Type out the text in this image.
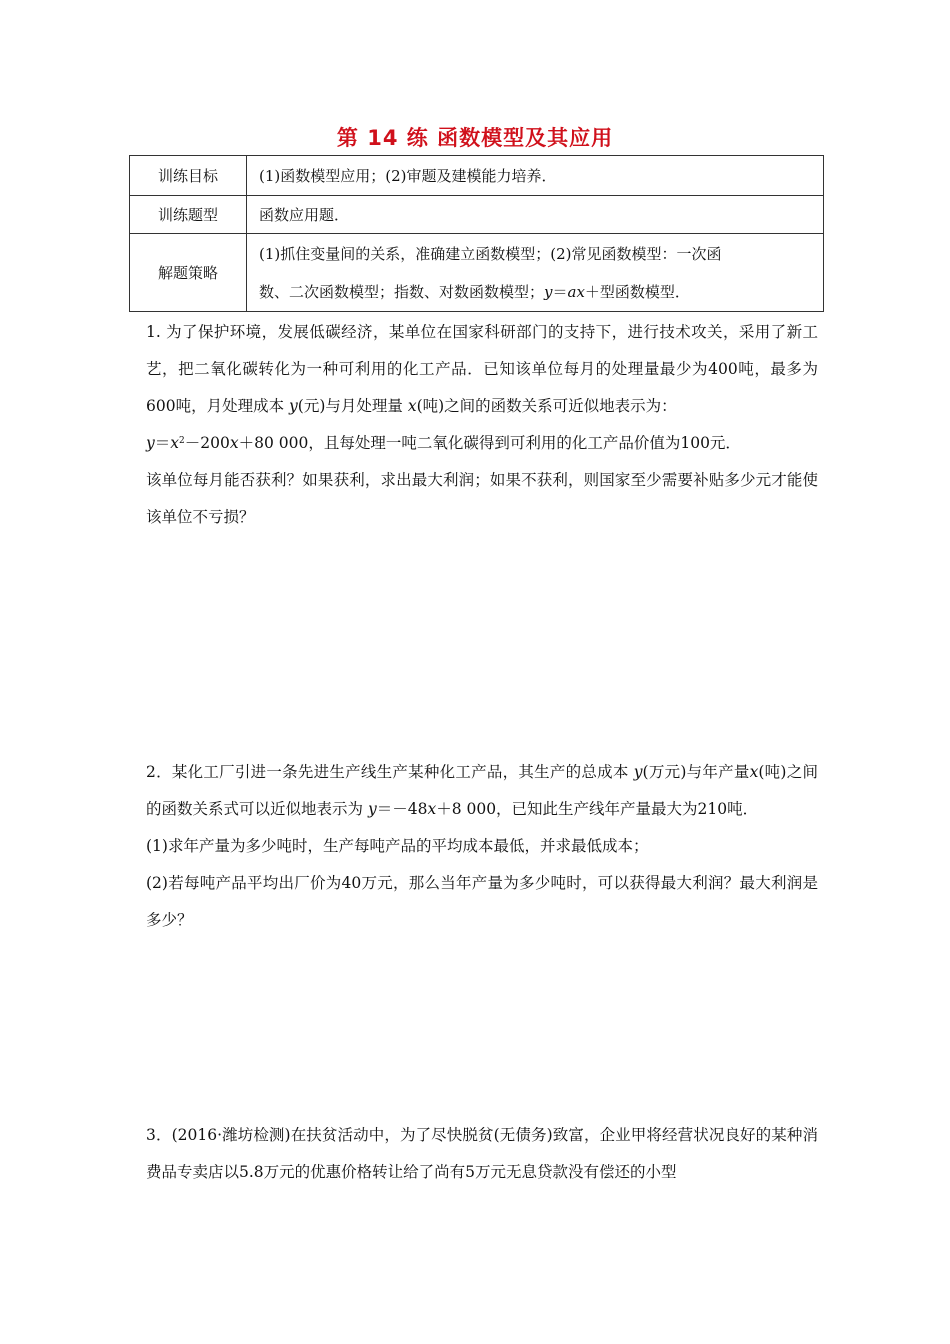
第 14 练 函数模型及其应用
训练目标	(1)函数模型应用；(2)审题及建模能力培养．
训练题型	函数应用题．
解题策略	(1)抓住变量间的关系，准确建立函数模型；(2)常见函数模型：一次函
数、二次函数模型；指数、对数函数模型；y＝ax＋型函数模型．

1. 为了保护环境，发展低碳经济，某单位在国家科研部门的支持下，进行技术攻关，采用了新工艺，把二氧化碳转化为一种可利用的化工产品．已知该单位每月的处理量最少为400吨，最多为600吨，月处理成本 y(元)与月处理量 x(吨)之间的函数关系可近似地表示为：

$y=x^2-200x+80$ 000，且每处理一吨二氧化碳得到可利用的化工产品价值为100元．

该单位每月能否获利？如果获利，求出最大利润；如果不获利，则国家至少需要补贴多少元才能使该单位不亏损？

2．某化工厂引进一条先进生产线生产某种化工产品，其生产的总成本 y(万元)与年产量x(吨)之间的函数关系式可以近似地表示为 y＝－48x＋8 000，已知此生产线年产量最大为210吨．

(1)求年产量为多少吨时，生产每吨产品的平均成本最低，并求最低成本；

(2)若每吨产品平均出厂价为40万元，那么当年产量为多少吨时，可以获得最大利润？最大利润是多少？

3．(2016·潍坊检测)在扶贫活动中，为了尽快脱贫(无债务)致富，企业甲将经营状况良好的某种消费品专卖店以5.8万元的优惠价格转让给了尚有5万元无息贷款没有偿还的小型
